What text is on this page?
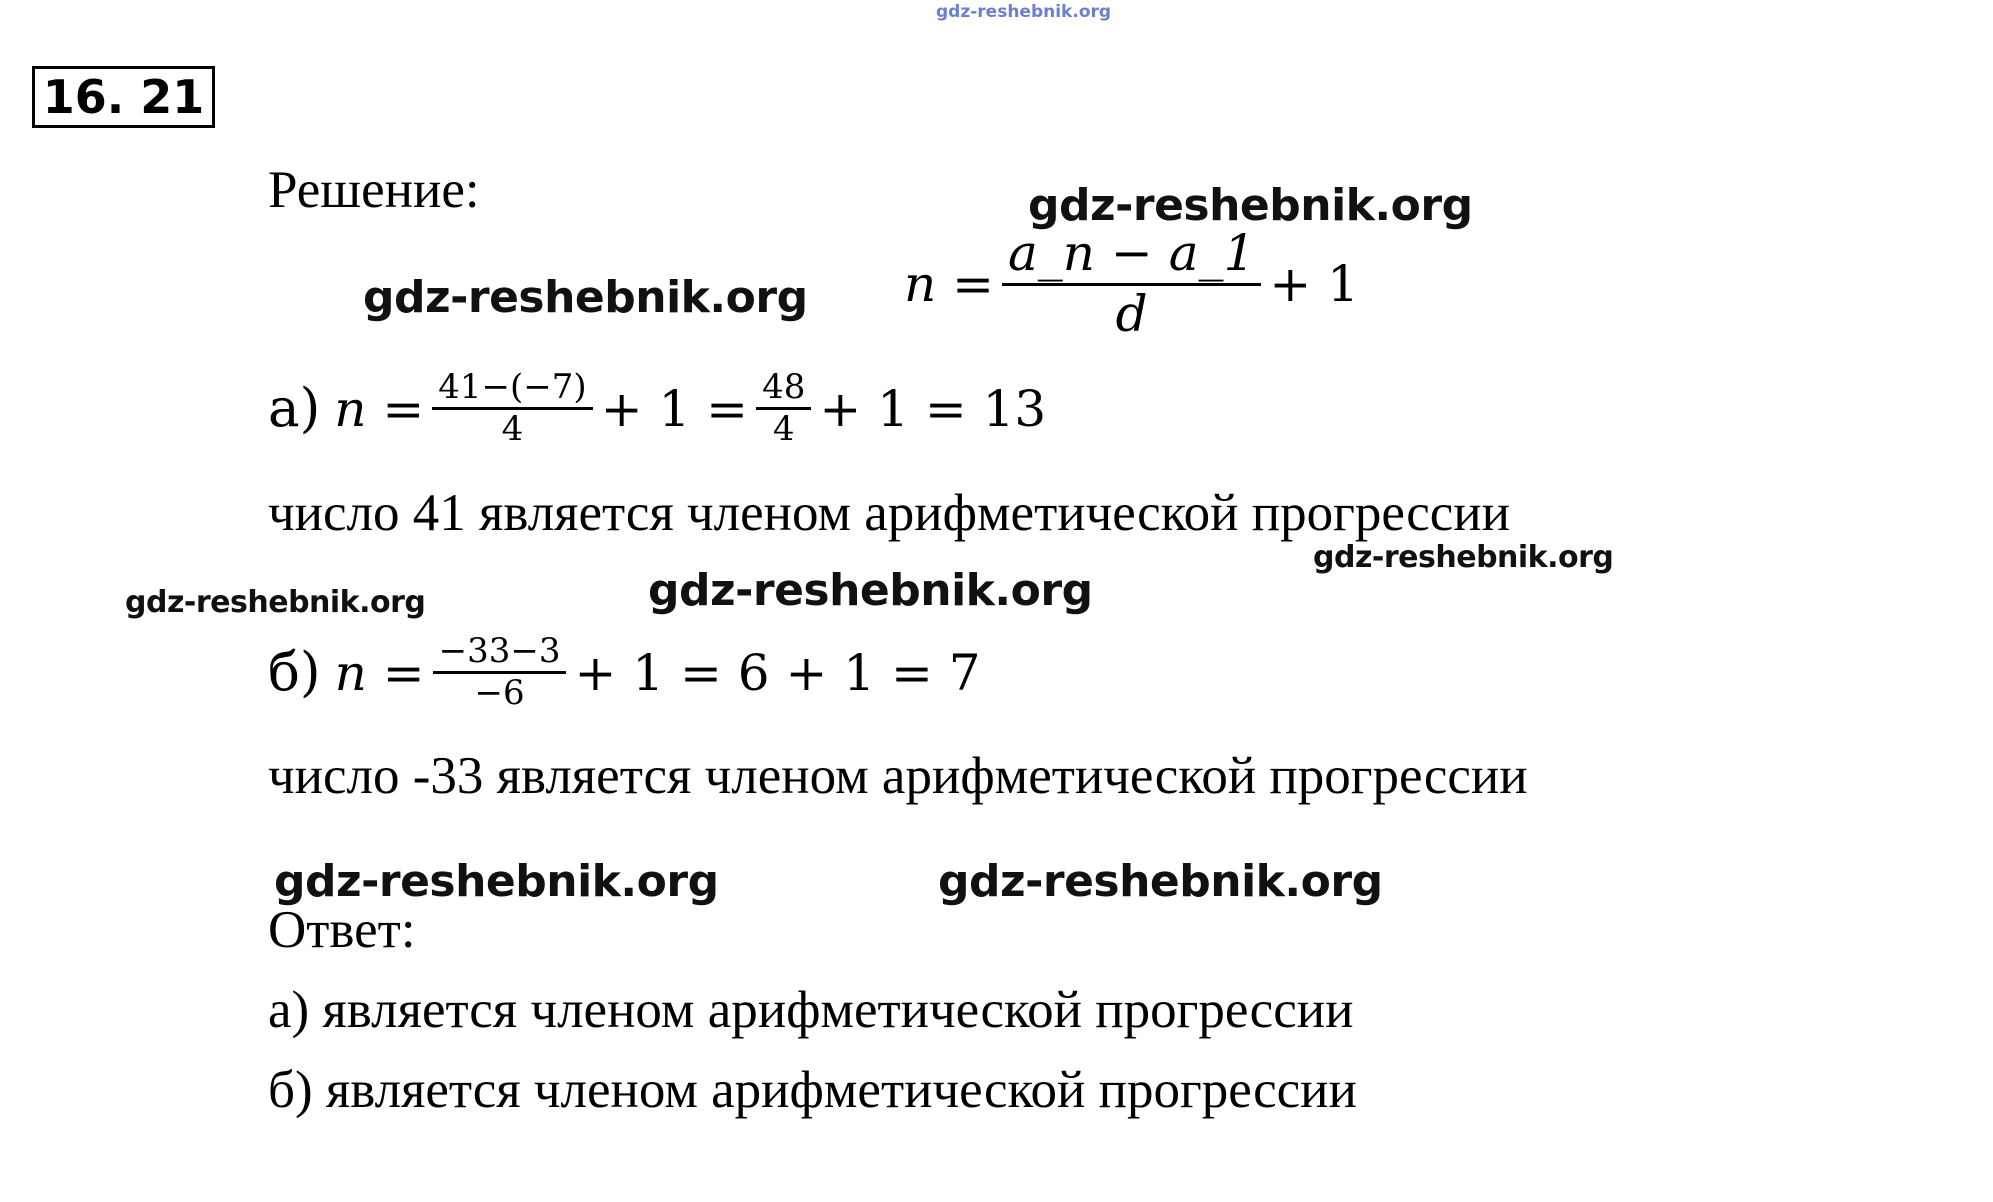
gdz-reshebnik.org
16. 21
Решение:	gdz-reshebnik.org
gdz-reshebnik.org
gdz-reshebnik.org
gdz-reshebnik.org	gdz-reshebnik.org
gdz-reshebnik.org	gdz-reshebnik.org
$n = \frac{a\_n - a\_1}{d} + 1$
а) $n = \frac{41-(-7)}{4} + 1 = \frac{48}{4} + 1 = 13$
число 41 является членом арифметической прогрессии
б) $n = \frac{-33-3}{-6} + 1 = 6 + 1 = 7$
число -33 является членом арифметической прогрессии
Ответ:
а) является членом арифметической прогрессии
б) является членом арифметической прогрессии
